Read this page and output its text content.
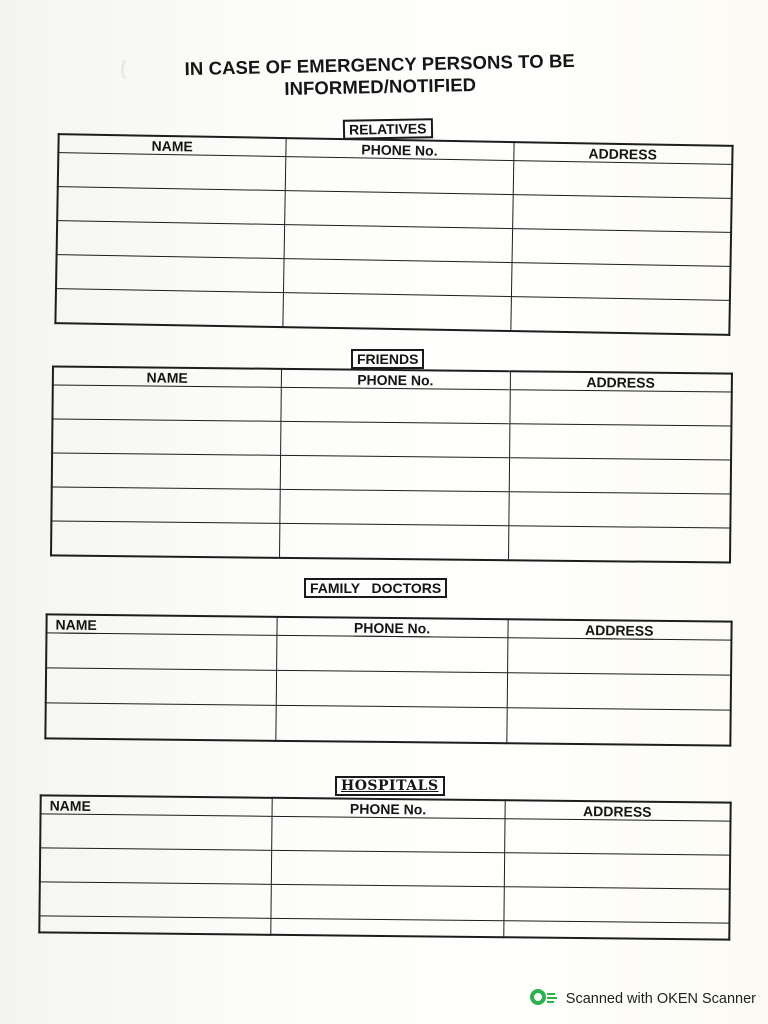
(	IN CASE OF EMERGENCY PERSONS TO BE
INFORMED/NOTIFIED
RELATIVES
NAME	PHONE No.	ADDRESS

FRIENDS
NAME	PHONE No.	ADDRESS

FAMILY   DOCTORS
NAME	PHONE No.	ADDRESS

HOSPITALS
NAME	PHONE No.	ADDRESS

Scanned with OKEN Scanner
